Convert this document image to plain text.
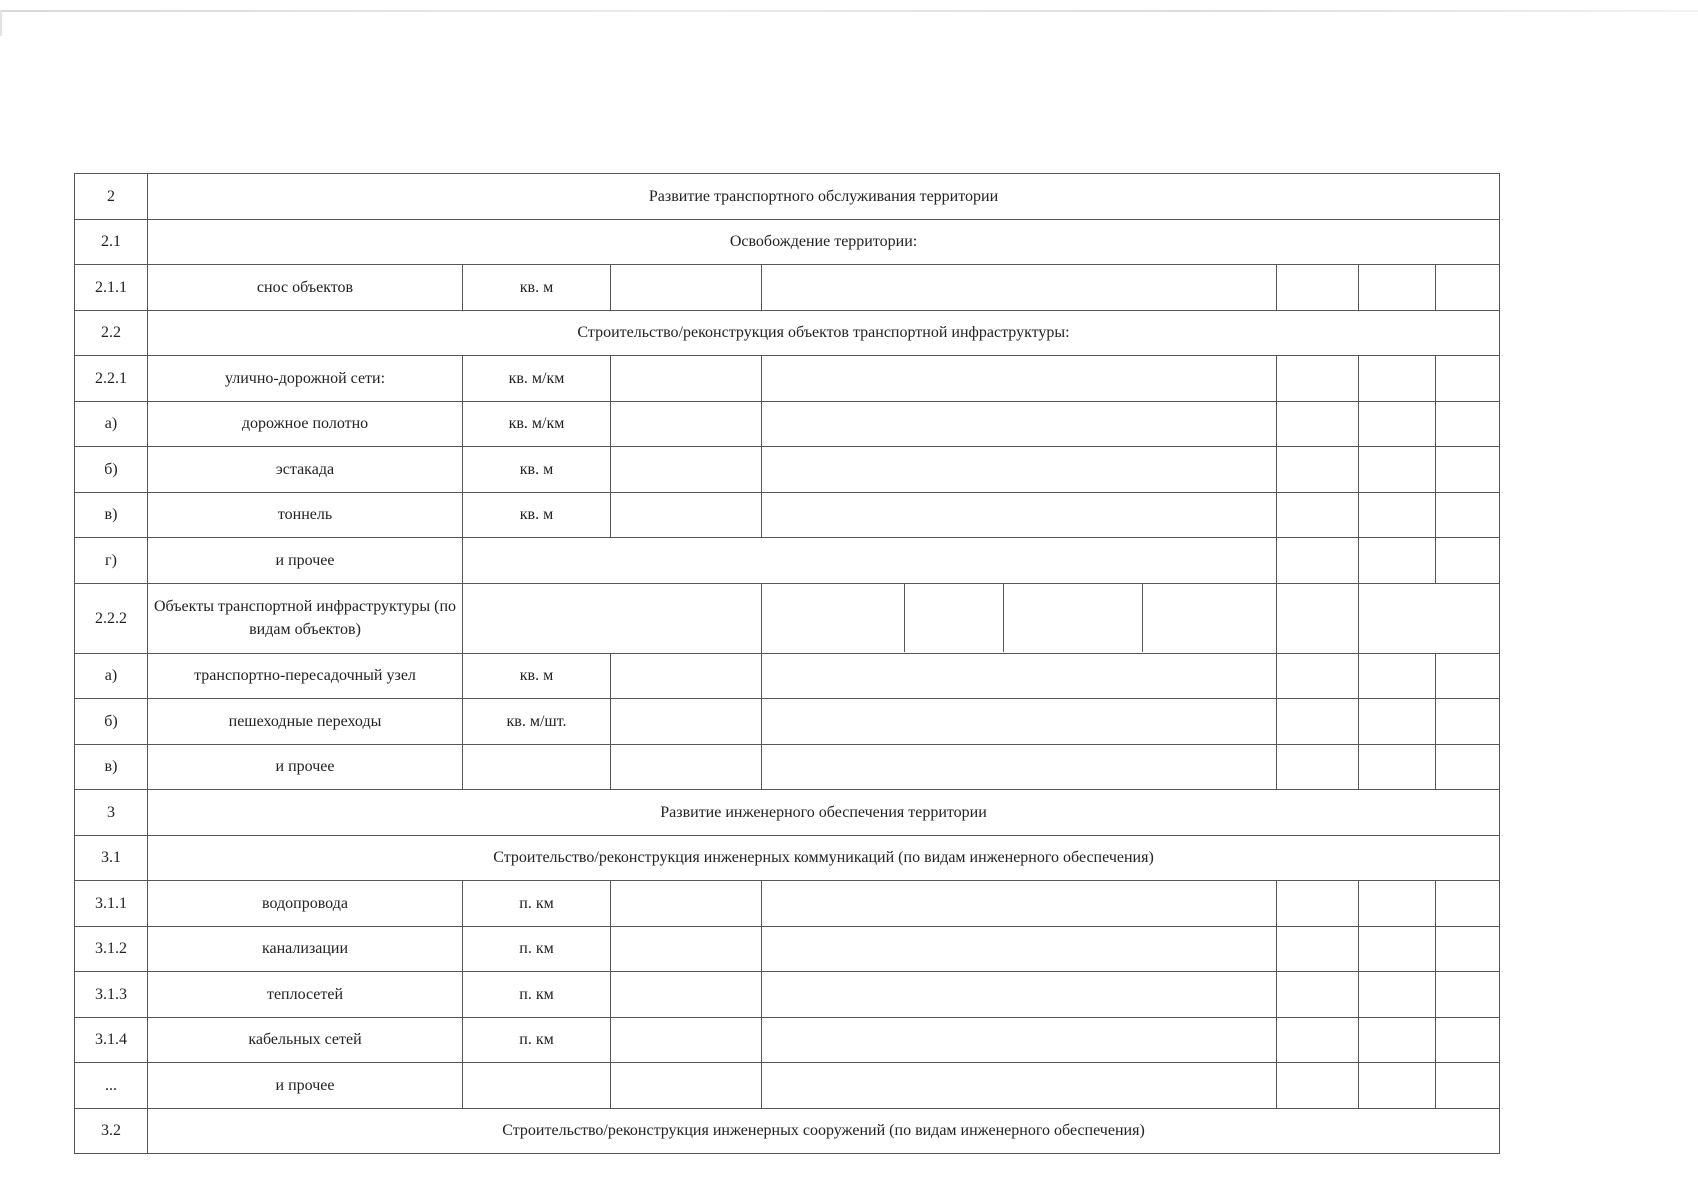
2	Развитие транспортного обслуживания территории						
2.1	Освобождение территории:						
2.1.1	снос объектов	кв. м					
2.2	Строительство/реконструкция объектов транспортной инфраструктуры:						
2.2.1	улично-дорожной сети:	кв. м/км					
а)	дорожное полотно	кв. м/км					
б)	эстакада	кв. м					
в)	тоннель	кв. м					
г)	и прочее						
2.2.2	Объекты транспортной инфраструктуры (по видам объектов)				

а)	транспортно-пересадочный узел	кв. м					
б)	пешеходные переходы	кв. м/шт.					
в)	и прочее						
3	Развитие инженерного обеспечения территории						
3.1	Строительство/реконструкция инженерных коммуникаций (по видам инженерного обеспечения)						
3.1.1	водопровода	п. км					
3.1.2	канализации	п. км					
3.1.3	теплосетей	п. км					
3.1.4	кабельных сетей	п. км					
...	и прочее						
3.2	Строительство/реконструкция инженерных сооружений (по видам инженерного обеспечения)						
